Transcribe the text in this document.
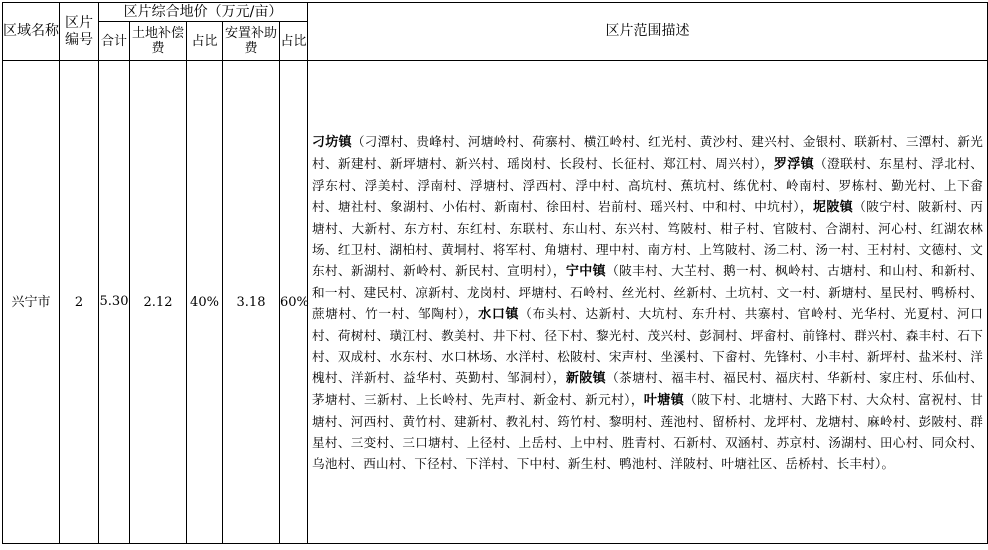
区域名称	区片编号	区片综合地价（万元/亩）					区片范围描述
		合计	土地补偿费	占比	安置补助费	占比	
兴宁市	2	5.30	2.12	40%	3.18	60%	刁坊镇（刁潭村、贵峰村、河塘岭村、荷寨村、横江岭村、红光村、黄沙村、建兴村、金银村、联新村、三潭村、新光村、新建村、新坪塘村、新兴村、瑶岗村、长段村、长征村、郑江村、周兴村），罗浮镇（澄联村、东星村、浮北村、浮东村、浮美村、浮南村、浮塘村、浮西村、浮中村、高坑村、蕉坑村、练优村、岭南村、罗栋村、勤光村、上下畲村、塘社村、象湖村、小佑村、新南村、徐田村、岩前村、瑶兴村、中和村、中坑村），坭陂镇（陂宁村、陂新村、丙塘村、大新村、东方村、东红村、东联村、东山村、东兴村、笃陂村、柑子村、官陂村、合湖村、河心村、红湖农林场、红卫村、湖柏村、黄垌村、将军村、角塘村、理中村、南方村、上笃陂村、汤二村、汤一村、王村村、文德村、文东村、新湖村、新岭村、新民村、宣明村），宁中镇（陂丰村、大芏村、鹅一村、枫岭村、古塘村、和山村、和新村、和一村、建民村、凉新村、龙岗村、坪塘村、石岭村、丝光村、丝新村、土坑村、文一村、新塘村、星民村、鸭桥村、蔗塘村、竹一村、邹陶村），水口镇（布头村、达新村、大坑村、东升村、共寨村、官岭村、光华村、光夏村、河口村、荷树村、璜江村、教美村、井下村、径下村、黎光村、茂兴村、彭洞村、坪畲村、前锋村、群兴村、森丰村、石下村、双成村、水东村、水口林场、水洋村、松陂村、宋声村、坐溪村、下畲村、先锋村、小丰村、新坪村、盐米村、洋槐村、洋新村、益华村、英勤村、邹洞村），新陂镇（茶塘村、福丰村、福民村、福庆村、华新村、家庄村、乐仙村、茅塘村、三新村、上长岭村、先声村、新金村、新元村），叶塘镇（陂下村、北塘村、大路下村、大众村、富祝村、甘塘村、河西村、黄竹村、建新村、教礼村、筠竹村、黎明村、莲池村、留桥村、龙坪村、龙塘村、麻岭村、彭陂村、群星村、三变村、三口塘村、上径村、上岳村、上中村、胜青村、石新村、双涵村、苏京村、汤湖村、田心村、同众村、乌池村、西山村、下径村、下洋村、下中村、新生村、鸭池村、洋陂村、叶塘社区、岳桥村、长丰村）。
